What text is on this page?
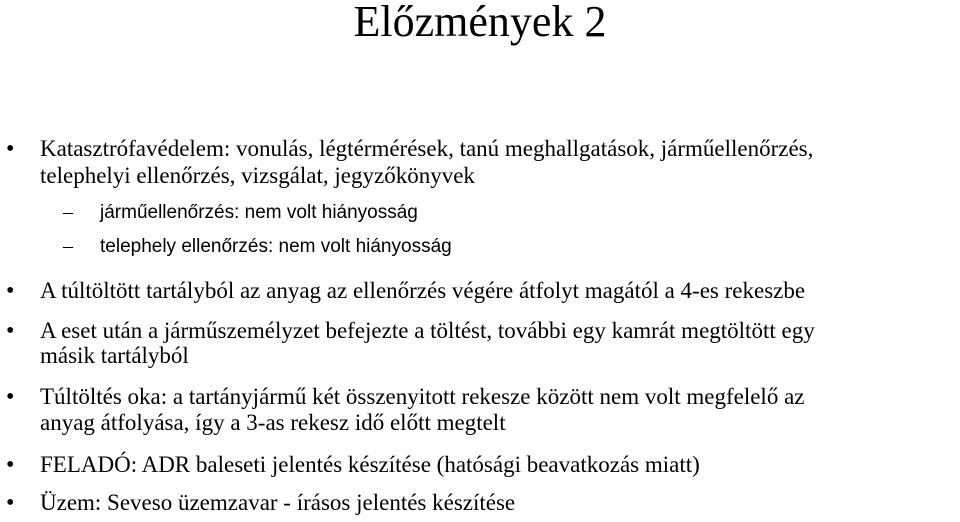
Előzmények 2
• Katasztrófavédelem: vonulás, légtérmérések, tanú meghallgatások, járműellenőrzés,
telephelyi ellenőrzés, vizsgálat, jegyzőkönyvek
– járműellenőrzés: nem volt hiányosság
– telephely ellenőrzés: nem volt hiányosság
• A túltöltött tartályból az anyag az ellenőrzés végére átfolyt magától a 4-es rekeszbe
• A eset után a járműszemélyzet befejezte a töltést, további egy kamrát megtöltött egy
másik tartályból
• Túltöltés oka: a tartányjármű két összenyitott rekesze között nem volt megfelelő az
anyag átfolyása, így a 3-as rekesz idő előtt megtelt
• FELADÓ: ADR baleseti jelentés készítése (hatósági beavatkozás miatt)
• Üzem: Seveso üzemzavar - írásos jelentés készítése
